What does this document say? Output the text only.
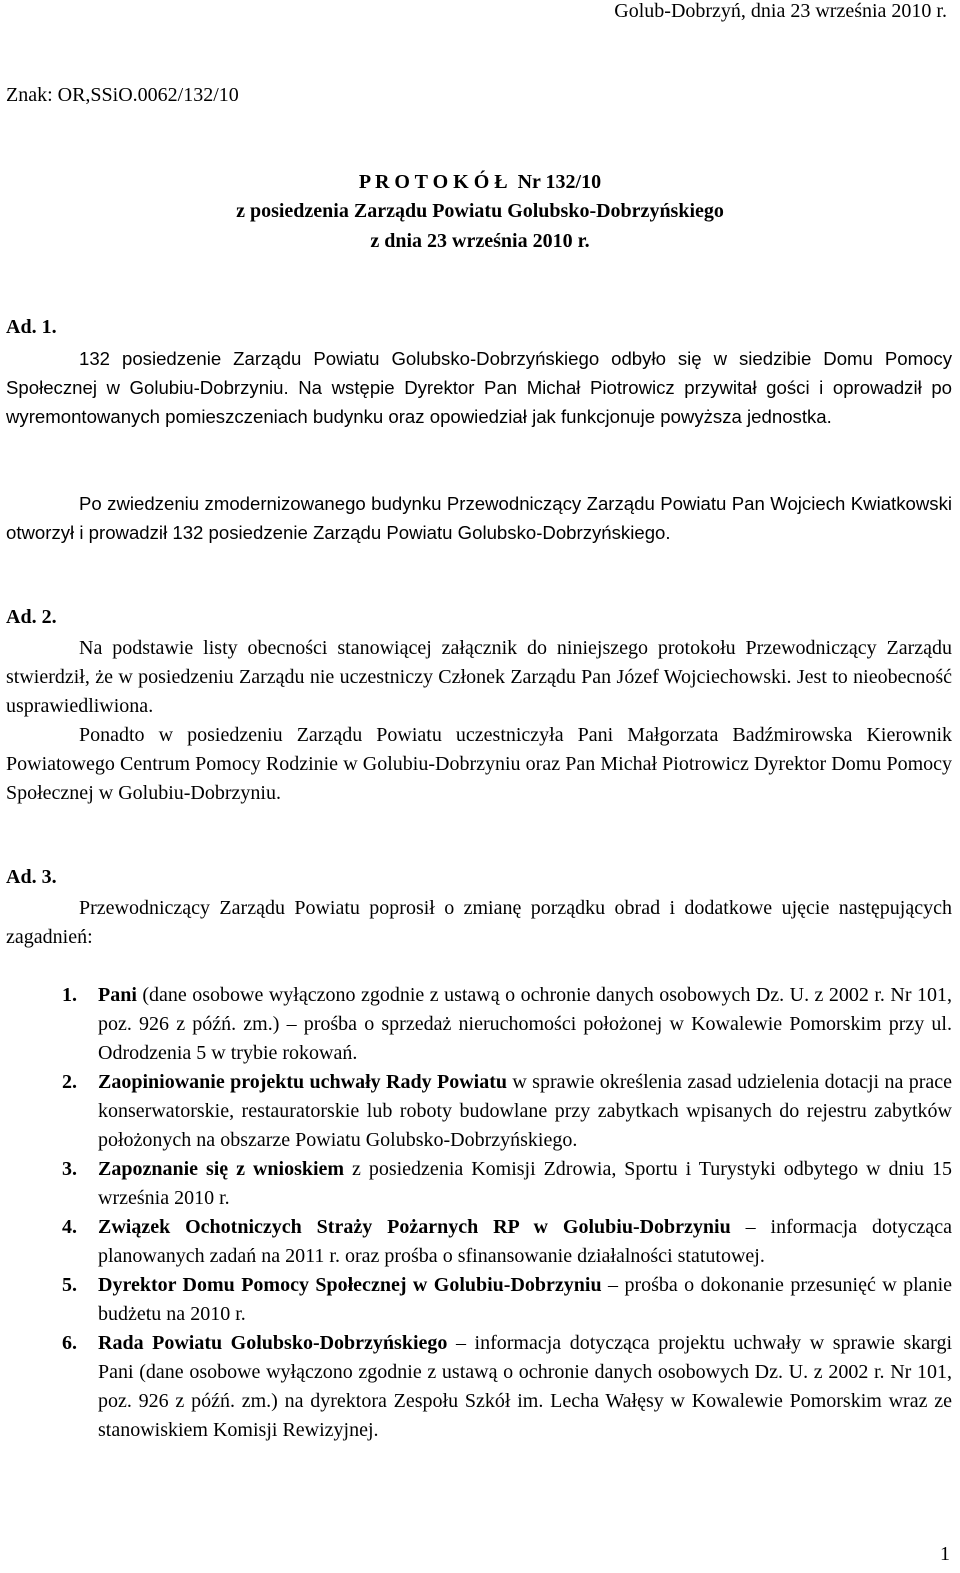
Golub-Dobrzyń, dnia 23 września 2010 r.
Znak: OR,SSiO.0062/132/10
P R O T O K Ó Ł  Nr 132/10
z posiedzenia Zarządu Powiatu Golubsko-Dobrzyńskiego
z dnia 23 września 2010 r.
Ad. 1.
132 posiedzenie Zarządu Powiatu Golubsko-Dobrzyńskiego odbyło się w siedzibie Domu Pomocy Społecznej w Golubiu-Dobrzyniu. Na wstępie Dyrektor Pan Michał Piotrowicz przywitał gości i oprowadził po wyremontowanych pomieszczeniach budynku oraz opowiedział jak funkcjonuje powyższa jednostka.
Po zwiedzeniu zmodernizowanego budynku Przewodniczący Zarządu Powiatu Pan Wojciech Kwiatkowski otworzył i prowadził 132 posiedzenie Zarządu Powiatu Golubsko-Dobrzyńskiego.
Ad. 2.
Na podstawie listy obecności stanowiącej załącznik do niniejszego protokołu Przewodniczący Zarządu stwierdził, że w posiedzeniu Zarządu nie uczestniczy Członek Zarządu Pan Józef Wojciechowski. Jest to nieobecność usprawiedliwiona.
Ponadto w posiedzeniu Zarządu Powiatu uczestniczyła Pani Małgorzata Badźmirowska Kierownik Powiatowego Centrum Pomocy Rodzinie w Golubiu-Dobrzyniu oraz Pan Michał Piotrowicz Dyrektor Domu Pomocy Społecznej w Golubiu-Dobrzyniu.
Ad. 3.
Przewodniczący Zarządu Powiatu poprosił o zmianę porządku obrad i dodatkowe ujęcie następujących zagadnień:
1. Pani (dane osobowe wyłączono zgodnie z ustawą o ochronie danych osobowych Dz. U. z 2002 r. Nr 101, poz. 926 z późń. zm.) – prośba o sprzedaż nieruchomości położonej w Kowalewie Pomorskim przy ul. Odrodzenia 5 w trybie rokowań.
2. Zaopiniowanie projektu uchwały Rady Powiatu w sprawie określenia zasad udzielenia dotacji na prace konserwatorskie, restauratorskie lub roboty budowlane przy zabytkach wpisanych do rejestru zabytków położonych na obszarze Powiatu Golubsko-Dobrzyńskiego.
3. Zapoznanie się z wnioskiem z posiedzenia Komisji Zdrowia, Sportu i Turystyki odbytego w dniu 15 września 2010 r.
4. Związek Ochotniczych Straży Pożarnych RP w Golubiu-Dobrzyniu – informacja dotycząca planowanych zadań na 2011 r. oraz prośba o sfinansowanie działalności statutowej.
5. Dyrektor Domu Pomocy Społecznej w Golubiu-Dobrzyniu – prośba o dokonanie przesunięć w planie budżetu na 2010 r.
6. Rada Powiatu Golubsko-Dobrzyńskiego – informacja dotycząca projektu uchwały w sprawie skargi Pani (dane osobowe wyłączono zgodnie z ustawą o ochronie danych osobowych Dz. U. z 2002 r. Nr 101, poz. 926 z późń. zm.) na dyrektora Zespołu Szkół im. Lecha Wałęsy w Kowalewie Pomorskim wraz ze stanowiskiem Komisji Rewizyjnej.
1
